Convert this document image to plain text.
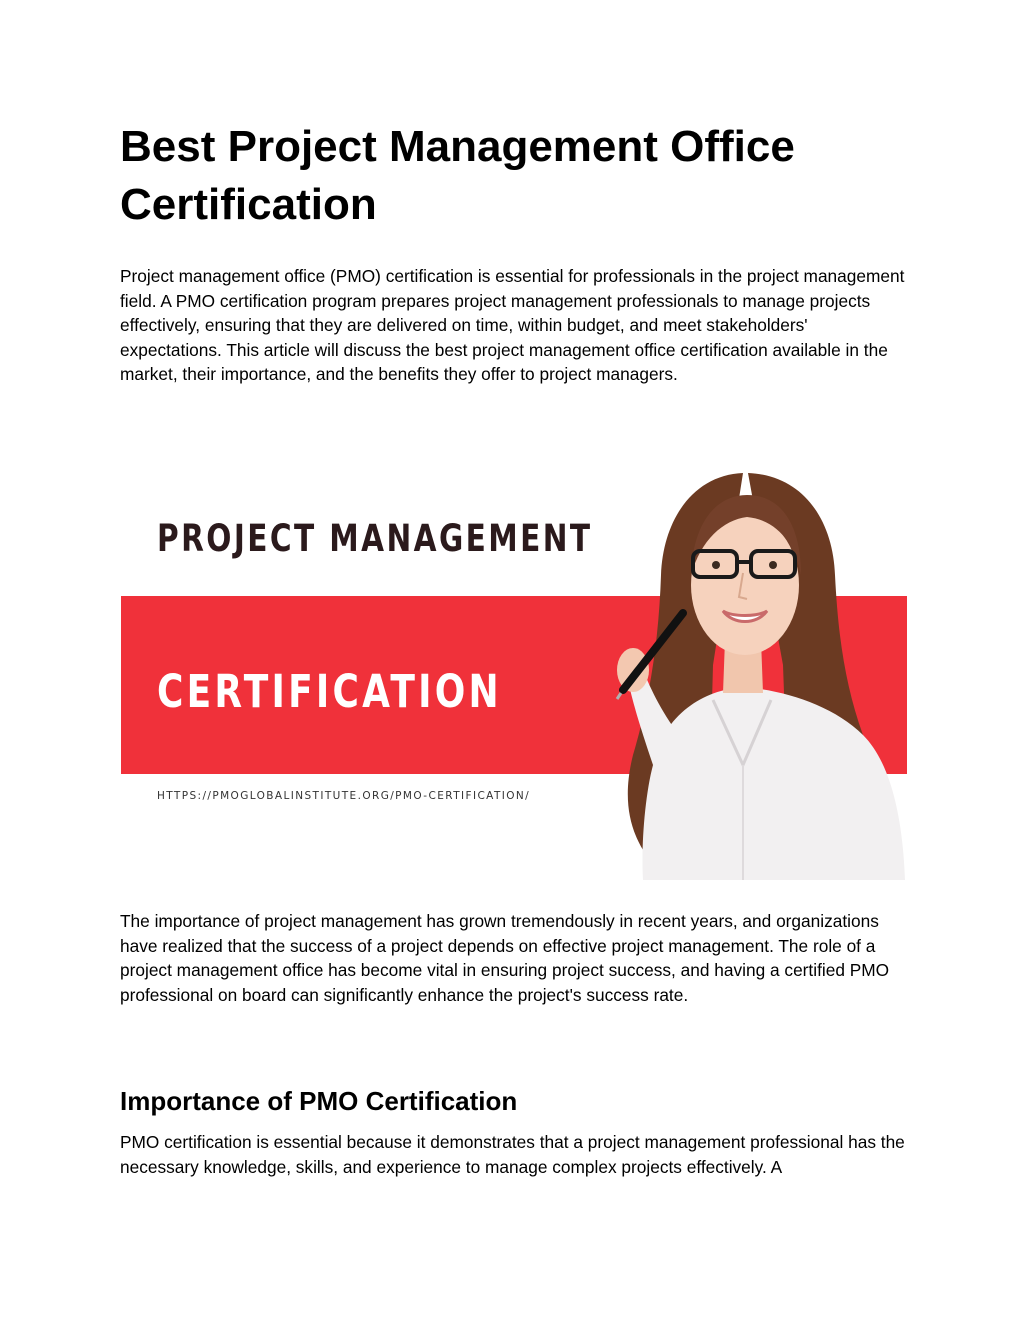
Best Project Management Office Certification

Project management office (PMO) certification is essential for professionals in the project management field. A PMO certification program prepares project management professionals to manage projects effectively, ensuring that they are delivered on time, within budget, and meet stakeholders' expectations. This article will discuss the best project management office certification available in the market, their importance, and the benefits they offer to project managers.

PROJECT MANAGEMENT
CERTIFICATION
HTTPS://PMOGLOBALINSTITUTE.ORG/PMO-CERTIFICATION/

The importance of project management has grown tremendously in recent years, and organizations have realized that the success of a project depends on effective project management. The role of a project management office has become vital in ensuring project success, and having a certified PMO professional on board can significantly enhance the project's success rate.

Importance of PMO Certification

PMO certification is essential because it demonstrates that a project management professional has the necessary knowledge, skills, and experience to manage complex projects effectively. A
